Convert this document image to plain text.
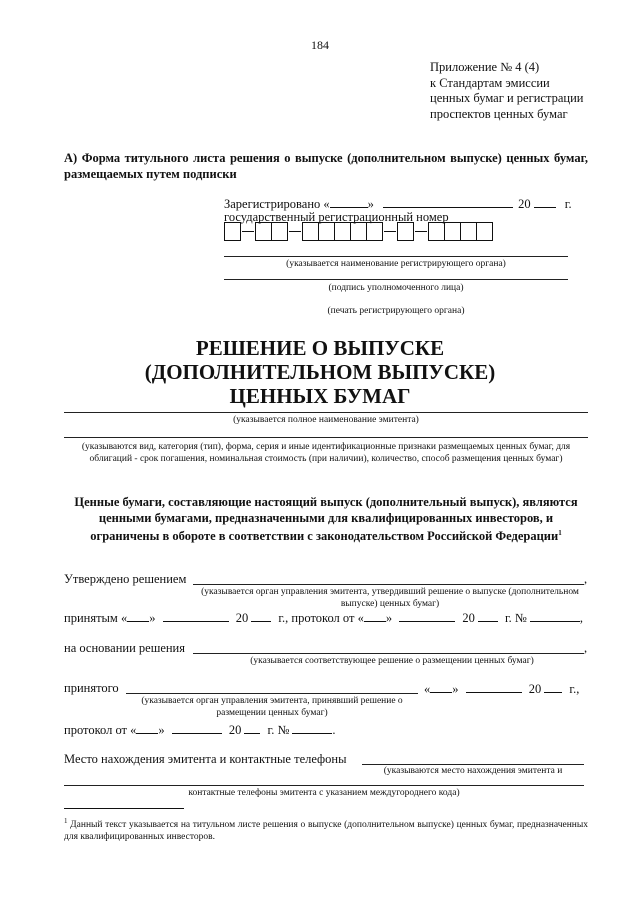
184
Приложение № 4 (4)
к Стандартам эмиссии
ценных бумаг и регистрации
проспектов ценных бумаг
А) Форма титульного листа решения о выпуске (дополнительном выпуске) ценных бумаг, размещаемых путем подписки
Зарегистрировано «	»	20	г.
государственный регистрационный номер
(указывается наименование регистрирующего органа)
(подпись уполномоченного лица)
(печать регистрирующего органа)
РЕШЕНИЕ О ВЫПУСКЕ
(ДОПОЛНИТЕЛЬНОМ ВЫПУСКЕ)
ЦЕННЫХ БУМАГ
(указывается полное наименование эмитента)
(указываются вид, категория (тип), форма, серия и иные идентификационные признаки размещаемых ценных бумаг, для облигаций - срок погашения, номинальная стоимость (при наличии), количество, способ размещения ценных бумаг)
Ценные бумаги, составляющие настоящий выпуск (дополнительный выпуск), являются ценными бумагами, предназначенными для квалифицированных инвесторов, и ограничены в обороте в соответствии с законодательством Российской Федерации$^1$
Утверждено решением	,
(указывается орган управления эмитента, утвердивший решение о выпуске (дополнительном выпуске) ценных бумаг)
принятым « »	20 г., протокол от « »	20 г. №	,
на основании решения	,
(указывается соответствующее решение о размещении ценных бумаг)
принятого	« »	20 г.,
(указывается орган управления эмитента, принявший решение о размещении ценных бумаг)
протокол от « »	20 г. №	.
Место нахождения эмитента и контактные телефоны
(указываются место нахождения эмитента и
контактные телефоны эмитента с указанием междугороднего кода)
$^1$ Данный текст указывается на титульном листе решения о выпуске (дополнительном выпуске) ценных бумаг, предназначенных для квалифицированных инвесторов.
